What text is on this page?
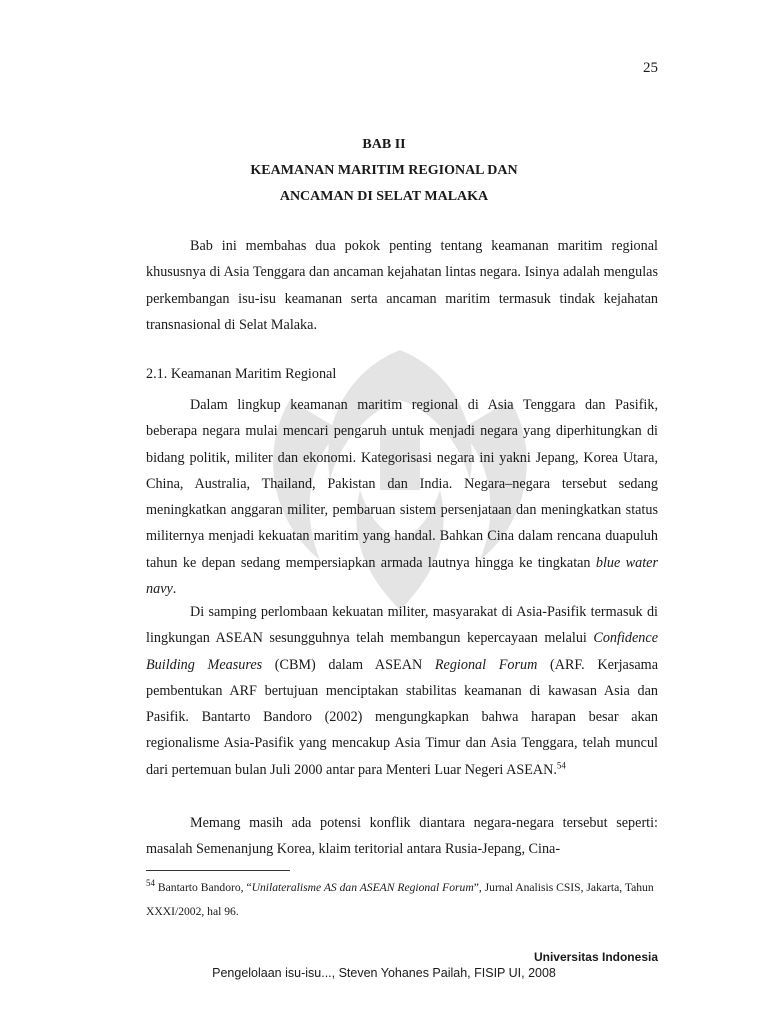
25
BAB II
KEAMANAN MARITIM REGIONAL DAN
ANCAMAN DI SELAT MALAKA

Bab ini membahas dua pokok penting tentang keamanan maritim regional khususnya di Asia Tenggara dan ancaman kejahatan lintas negara. Isinya adalah mengulas perkembangan isu-isu keamanan serta ancaman maritim termasuk tindak kejahatan transnasional di Selat Malaka.

2.1. Keamanan Maritim Regional

Dalam lingkup keamanan maritim regional di Asia Tenggara dan Pasifik, beberapa negara mulai mencari pengaruh untuk menjadi negara yang diperhitungkan di bidang politik, militer dan ekonomi. Kategorisasi negara ini yakni Jepang, Korea Utara, China, Australia, Thailand, Pakistan dan India. Negara–negara tersebut sedang meningkatkan anggaran militer, pembaruan sistem persenjataan dan meningkatkan status militernya menjadi kekuatan maritim yang handal. Bahkan Cina dalam rencana duapuluh tahun ke depan sedang mempersiapkan armada lautnya hingga ke tingkatan blue water navy.

Di samping perlombaan kekuatan militer, masyarakat di Asia-Pasifik termasuk di lingkungan ASEAN sesungguhnya telah membangun kepercayaan melalui Confidence Building Measures (CBM) dalam ASEAN Regional Forum (ARF. Kerjasama pembentukan ARF bertujuan menciptakan stabilitas keamanan di kawasan Asia dan Pasifik. Bantarto Bandoro (2002) mengungkapkan bahwa harapan besar akan regionalisme Asia-Pasifik yang mencakup Asia Timur dan Asia Tenggara, telah muncul dari pertemuan bulan Juli 2000 antar para Menteri Luar Negeri ASEAN.$^{54}$

Memang masih ada potensi konflik diantara negara-negara tersebut seperti: masalah Semenanjung Korea, klaim teritorial antara Rusia-Jepang, Cina-

$^{54}$ Bantarto Bandoro, “Unilateralisme AS dan ASEAN Regional Forum”, Jurnal Analisis CSIS, Jakarta, Tahun XXXI/2002, hal 96.
Universitas Indonesia
Pengelolaan isu-isu..., Steven Yohanes Pailah, FISIP UI, 2008
